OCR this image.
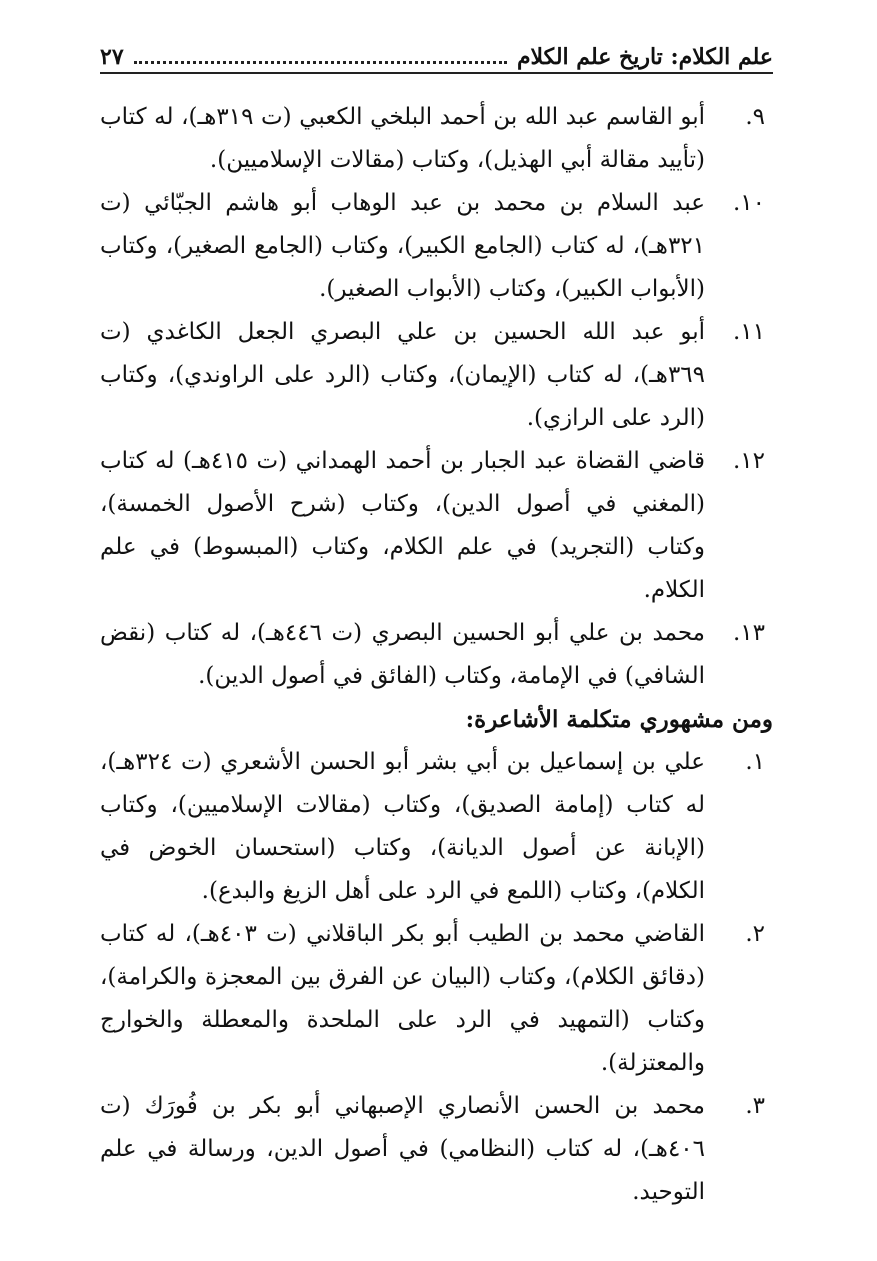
علم الكلام: تاريخ علم الكلام
٢٧
٩.
أبو القاسم عبد الله بن أحمد البلخي الكعبي (ت ٣١٩هـ)، له كتاب (تأييد مقالة أبي الهذيل)، وكتاب (مقالات الإسلاميين).
١٠.
عبد السلام بن محمد بن عبد الوهاب أبو هاشم الجبّائي (ت ٣٢١هـ)، له كتاب (الجامع الكبير)، وكتاب (الجامع الصغير)، وكتاب (الأبواب الكبير)، وكتاب (الأبواب الصغير).
١١.
أبو عبد الله الحسين بن علي البصري الجعل الكاغدي (ت ٣٦٩هـ)، له كتاب (الإيمان)، وكتاب (الرد على الراوندي)، وكتاب (الرد على الرازي).
١٢.
قاضي القضاة عبد الجبار بن أحمد الهمداني (ت ٤١٥هـ) له كتاب (المغني في أصول الدين)، وكتاب (شرح الأصول الخمسة)، وكتاب (التجريد) في علم الكلام، وكتاب (المبسوط) في علم الكلام.
١٣.
محمد بن علي أبو الحسين البصري (ت ٤٤٦هـ)، له كتاب (نقض الشافي) في الإمامة، وكتاب (الفائق في أصول الدين).
ومن مشهوري متكلمة الأشاعرة:
١.
علي بن إسماعيل بن أبي بشر أبو الحسن الأشعري (ت ٣٢٤هـ)، له كتاب (إمامة الصديق)، وكتاب (مقالات الإسلاميين)، وكتاب (الإبانة عن أصول الديانة)، وكتاب (استحسان الخوض في الكلام)، وكتاب (اللمع في الرد على أهل الزيغ والبدع).
٢.
القاضي محمد بن الطيب أبو بكر الباقلاني (ت ٤٠٣هـ)، له كتاب (دقائق الكلام)، وكتاب (البيان عن الفرق بين المعجزة والكرامة)، وكتاب (التمهيد في الرد على الملحدة والمعطلة والخوارج والمعتزلة).
٣.
محمد بن الحسن الأنصاري الإصبهاني أبو بكر بن فُورَك (ت ٤٠٦هـ)، له كتاب (النظامي) في أصول الدين، ورسالة في علم التوحيد.
